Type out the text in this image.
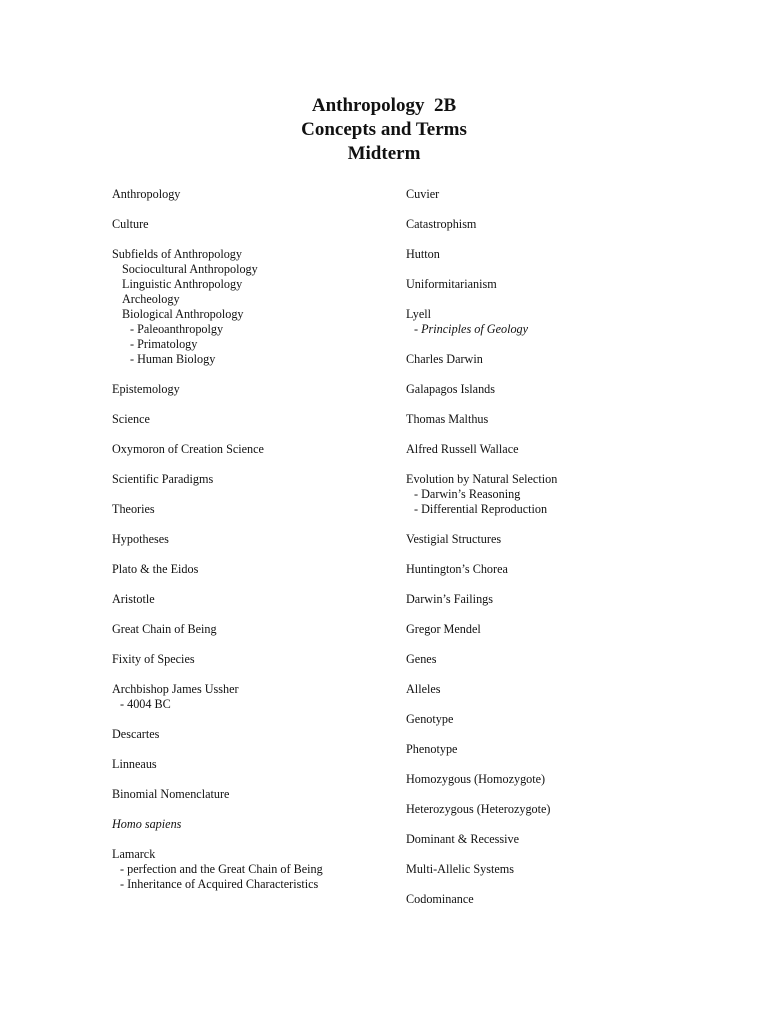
Anthropology  2B
Concepts and Terms
Midterm
Anthropology
Culture
Subfields of Anthropology
Sociocultural Anthropology
Linguistic Anthropology
Archeology
Biological Anthropology
- Paleoanthropolgy
- Primatology
- Human Biology
Epistemology
Science
Oxymoron of Creation Science
Scientific Paradigms
Theories
Hypotheses
Plato & the Eidos
Aristotle
Great Chain of Being
Fixity of Species
Archbishop James Ussher
- 4004 BC
Descartes
Linneaus
Binomial Nomenclature
Homo sapiens
Lamarck
- perfection and the Great Chain of Being
- Inheritance of Acquired Characteristics
Cuvier
Catastrophism
Hutton
Uniformitarianism
Lyell
- Principles of Geology
Charles Darwin
Galapagos Islands
Thomas Malthus
Alfred Russell Wallace
Evolution by Natural Selection
- Darwin’s Reasoning
- Differential Reproduction
Vestigial Structures
Huntington’s Chorea
Darwin’s Failings
Gregor Mendel
Genes
Alleles
Genotype
Phenotype
Homozygous (Homozygote)
Heterozygous (Heterozygote)
Dominant & Recessive
Multi-Allelic Systems
Codominance
